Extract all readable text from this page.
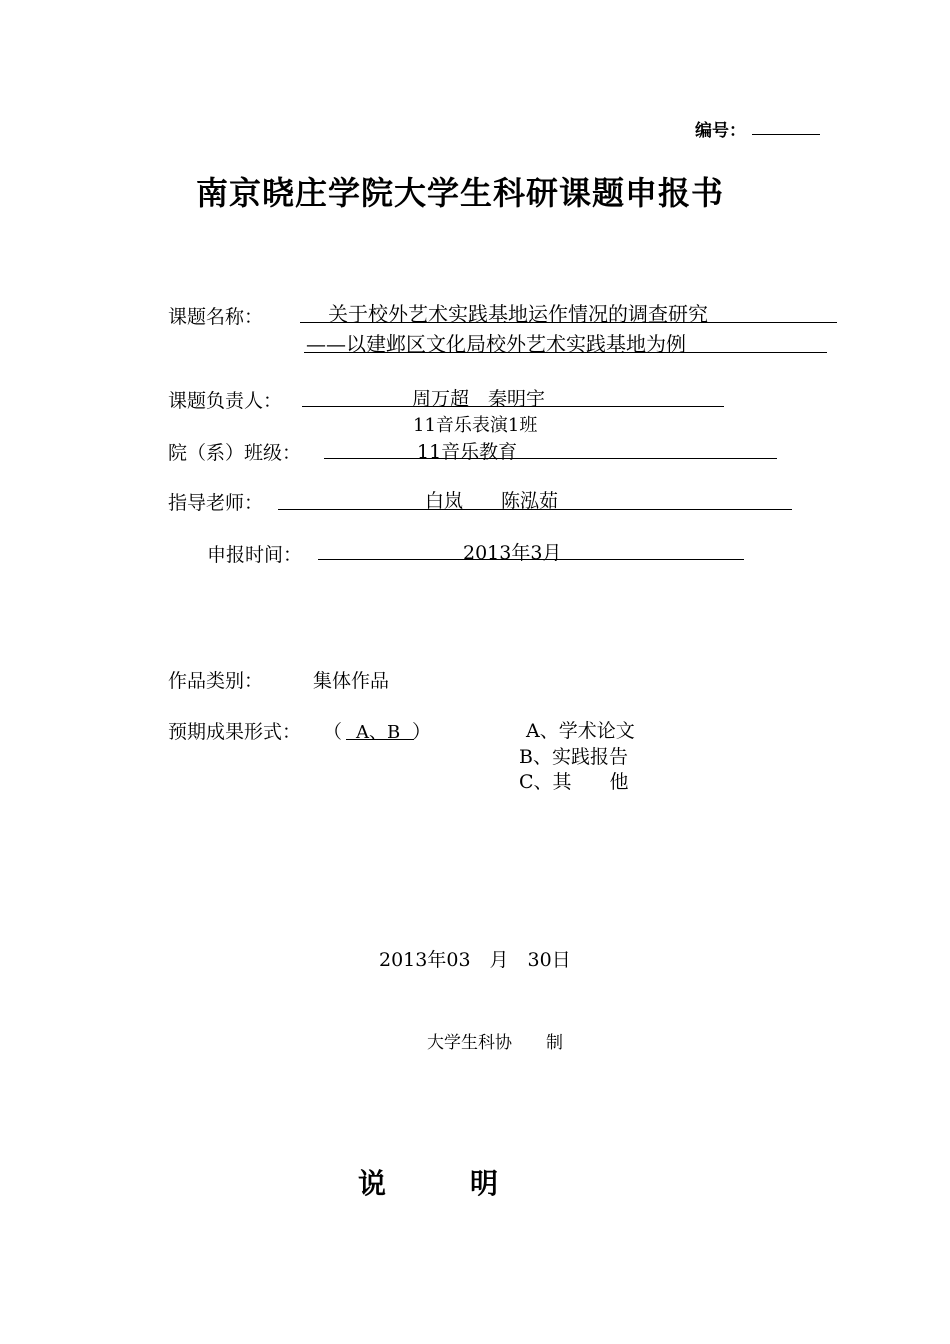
编号：
南京晓庄学院大学生科研课题申报书
课题名称：	关于校外艺术实践基地运作情况的调查研究
——以建邺区文化局校外艺术实践基地为例
课题负责人：	周万超　秦明宇
11音乐表演1班
院（系）班级：	11音乐教育
指导老师：	白岚　　陈泓茹
申报时间：	2013年3月
作品类别：	集体作品
预期成果形式： （ A、B ）	A、学术论文
B、实践报告
C、其　　他
2013年03　月　30日
大学生科协　　制
说　　　明
